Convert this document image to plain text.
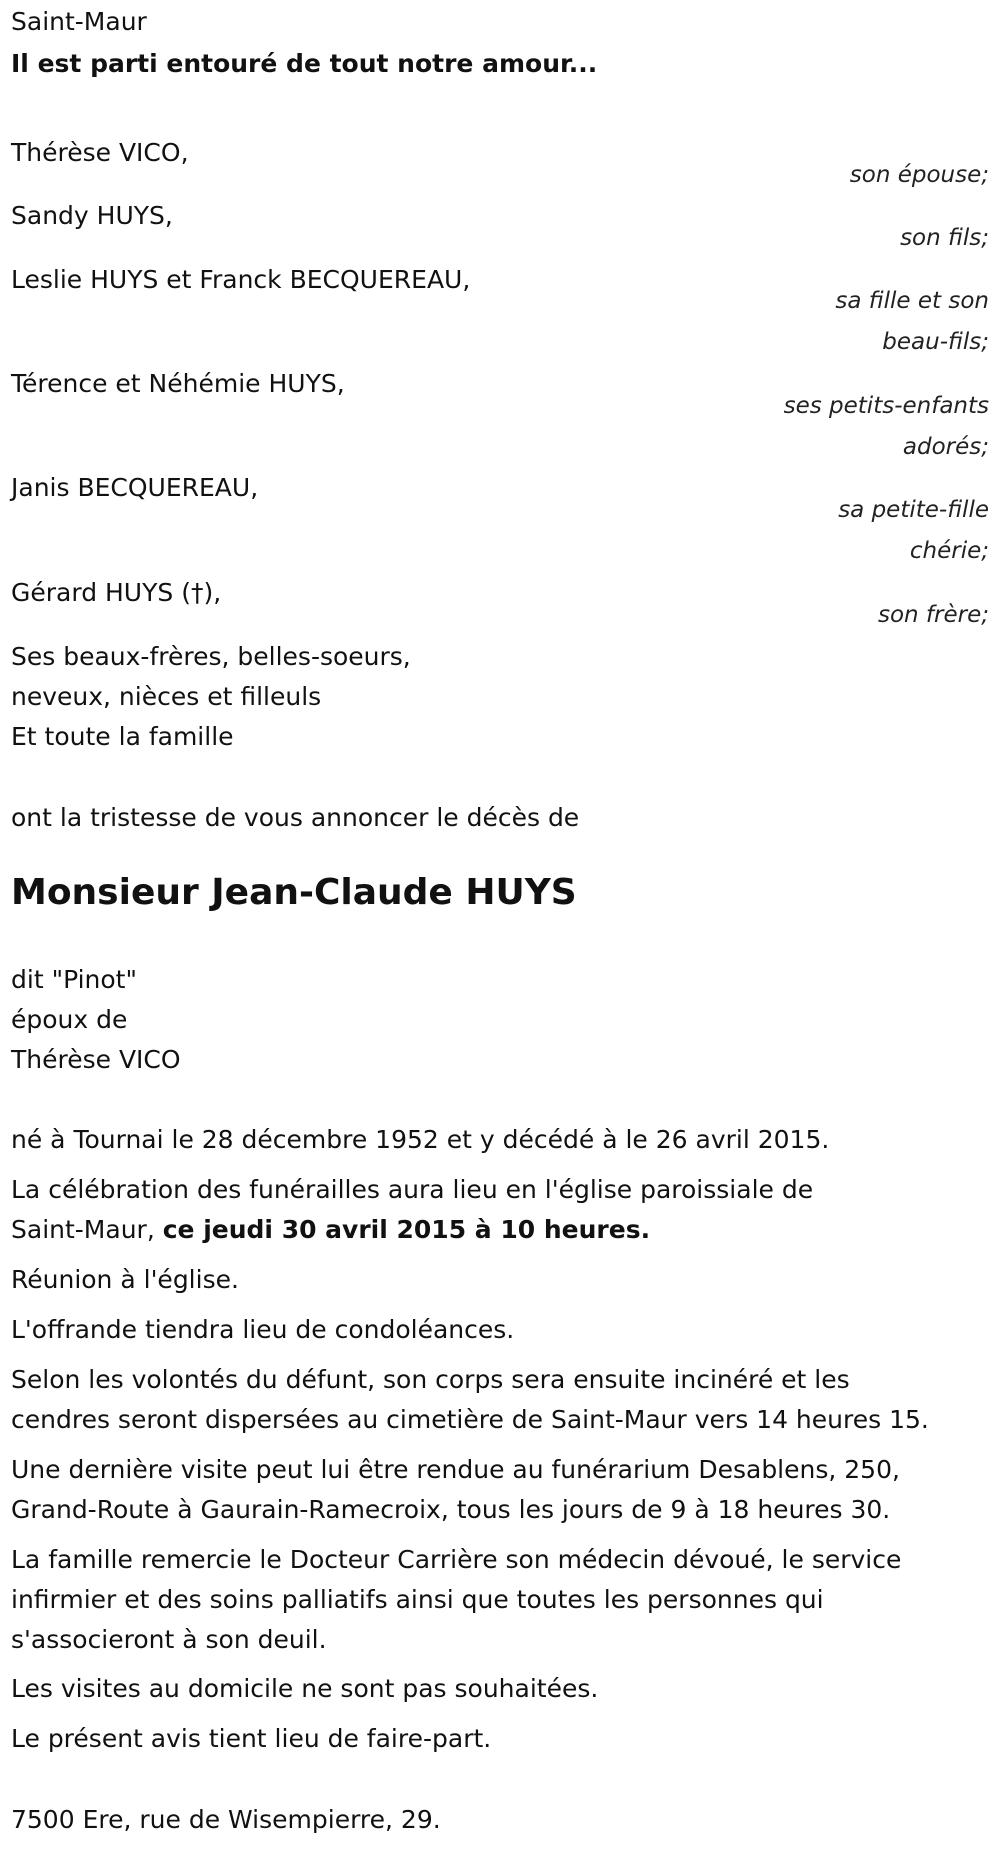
Saint-Maur
Il est parti entouré de tout notre amour...
Thérèse VICO,
son épouse;
Sandy HUYS,
son fils;
Leslie HUYS et Franck BECQUEREAU,
sa fille et son
beau-fils;
Térence et Néhémie HUYS,
ses petits-enfants
adorés;
Janis BECQUEREAU,
sa petite-fille
chérie;
Gérard HUYS (†),
son frère;
Ses beaux-frères, belles-soeurs,
neveux, nièces et filleuls
Et toute la famille
ont la tristesse de vous annoncer le décès de
Monsieur Jean-Claude HUYS
dit "Pinot"
époux de
Thérèse VICO
né à Tournai le 28 décembre 1952 et y décédé à le 26 avril 2015.
La célébration des funérailles aura lieu en l'église paroissiale de
Saint-Maur, ce jeudi 30 avril 2015 à 10 heures.
Réunion à l'église.
L'offrande tiendra lieu de condoléances.
Selon les volontés du défunt, son corps sera ensuite incinéré et les
cendres seront dispersées au cimetière de Saint-Maur vers 14 heures 15.
Une dernière visite peut lui être rendue au funérarium Desablens, 250,
Grand-Route à Gaurain-Ramecroix, tous les jours de 9 à 18 heures 30.
La famille remercie le Docteur Carrière son médecin dévoué, le service
infirmier et des soins palliatifs ainsi que toutes les personnes qui
s'associeront à son deuil.
Les visites au domicile ne sont pas souhaitées.
Le présent avis tient lieu de faire-part.
7500 Ere, rue de Wisempierre, 29.
